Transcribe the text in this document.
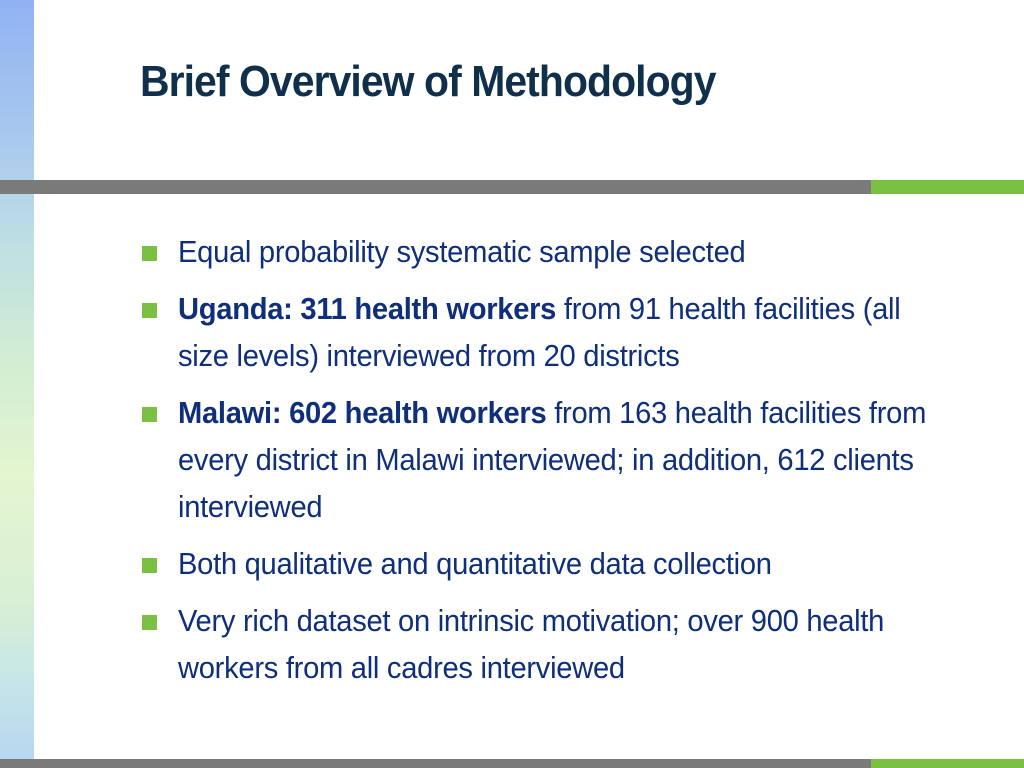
Brief Overview of Methodology
Equal probability systematic sample selected
Uganda: 311 health workers from 91 health facilities (all size levels) interviewed from 20 districts
Malawi: 602 health workers from 163 health facilities from every district in Malawi interviewed; in addition, 612 clients interviewed
Both qualitative and quantitative data collection
Very rich dataset on intrinsic motivation; over 900 health workers from all cadres interviewed
